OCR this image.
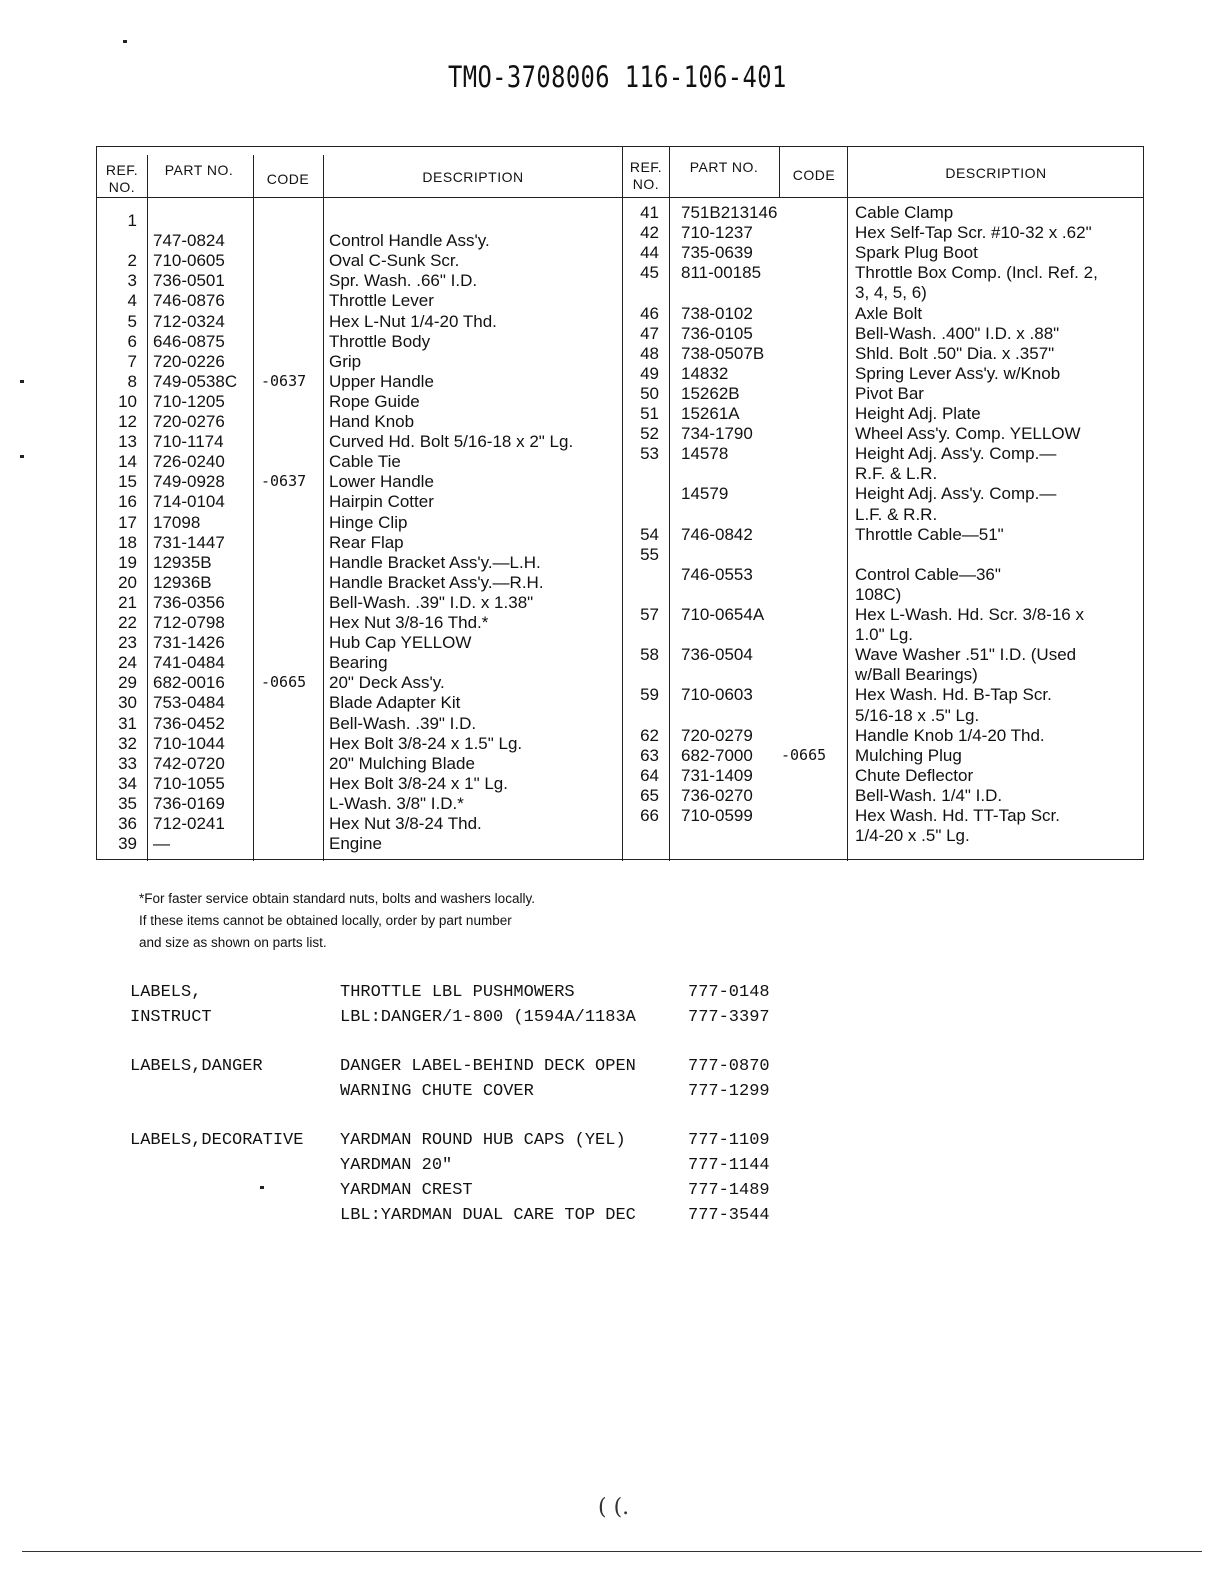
TMO-3708006 116-106-401
REF. NO.
PART NO.
CODE	DESCRIPTION
REF. NO.
PART NO.	CODE	DESCRIPTION
1
747-0824	Control Handle Ass'y.
2 710-0605	Oval C-Sunk Scr.
3 736-0501	Spr. Wash. .66" I.D.
4 746-0876	Throttle Lever
5 712-0324	Hex L-Nut 1/4-20 Thd.
6 646-0875	Throttle Body
7 720-0226	Grip
8 749-0538C -0637 Upper Handle
10 710-1205	Rope Guide
12 720-0276	Hand Knob
13 710-1174	Curved Hd. Bolt 5/16-18 x 2" Lg.
14 726-0240	Cable Tie
15 749-0928 -0637 Lower Handle
16 714-0104	Hairpin Cotter
17 17098	Hinge Clip
18 731-1447	Rear Flap
19 12935B	Handle Bracket Ass'y.—L.H.
20 12936B	Handle Bracket Ass'y.—R.H.
21 736-0356	Bell-Wash. .39" I.D. x 1.38"
22 712-0798	Hex Nut 3/8-16 Thd.*
23 731-1426	Hub Cap YELLOW
24 741-0484	Bearing
29 682-0016 -0665 20" Deck Ass'y.
30 753-0484	Blade Adapter Kit
31 736-0452	Bell-Wash. .39" I.D.
32 710-1044	Hex Bolt 3/8-24 x 1.5" Lg.
33 742-0720	20" Mulching Blade
34 710-1055	Hex Bolt 3/8-24 x 1" Lg.
35 736-0169	L-Wash. 3/8" I.D.*
36 712-0241	Hex Nut 3/8-24 Thd.
39 —	Engine
41 751B213146	Cable Clamp
42 710-1237	Hex Self-Tap Scr. #10-32 x .62"
44 735-0639	Spark Plug Boot
45 811-00185	Throttle Box Comp. (Incl. Ref. 2,
3, 4, 5, 6)
46 738-0102	Axle Bolt
47 736-0105	Bell-Wash. .400" I.D. x .88"
48 738-0507B	Shld. Bolt .50" Dia. x .357"
49 14832	Spring Lever Ass'y. w/Knob
50 15262B	Pivot Bar
51 15261A	Height Adj. Plate
52 734-1790	Wheel Ass'y. Comp. YELLOW
53 14578	Height Adj. Ass'y. Comp.—
R.F. & L.R.
14579	Height Adj. Ass'y. Comp.—
L.F. & R.R.
54 746-0842	Throttle Cable—51"
55
746-0553	Control Cable—36"
108C)
57 710-0654A	Hex L-Wash. Hd. Scr. 3/8-16 x
1.0" Lg.
58 736-0504	Wave Washer .51" I.D. (Used
w/Ball Bearings)
59 710-0603	Hex Wash. Hd. B-Tap Scr.
5/16-18 x .5" Lg.
62 720-0279	Handle Knob 1/4-20 Thd.
63 682-7000 -0665 Mulching Plug
64 731-1409	Chute Deflector
65 736-0270	Bell-Wash. 1/4" I.D.
66 710-0599	Hex Wash. Hd. TT-Tap Scr.
1/4-20 x .5" Lg.
*For faster service obtain standard nuts, bolts and washers locally.
If these items cannot be obtained locally, order by part number
and size as shown on parts list.
LABELS, INSTRUCT
THROTTLE LBL PUSHMOWERS	777-0148
LBL:DANGER/1-800 (1594A/1183A	777-3397
LABELS,DANGER	DANGER LABEL-BEHIND DECK OPEN	777-0870
WARNING CHUTE COVER	777-1299
LABELS,DECORATIVE YARDMAN ROUND HUB CAPS (YEL)	777-1109
YARDMAN 20"	777-1144
YARDMAN CREST	777-1489
LBL:YARDMAN DUAL CARE TOP DEC	777-3544
( (.
